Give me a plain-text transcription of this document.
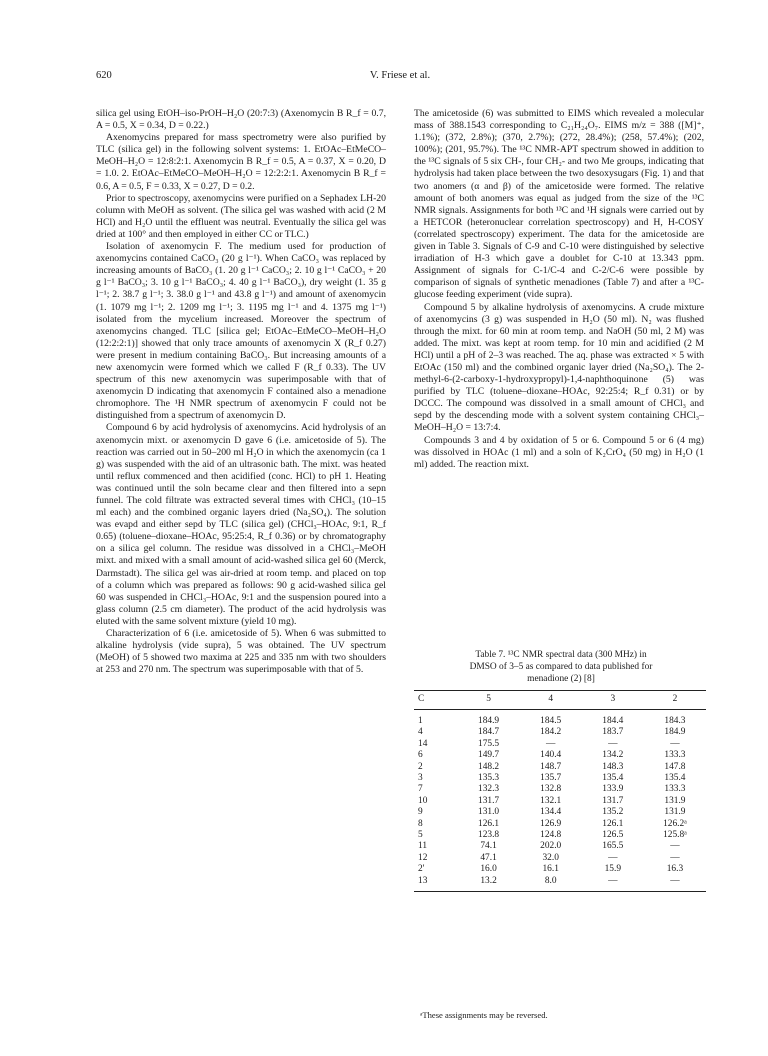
620	V. Friese et al.

silica gel using EtOH–iso-PrOH–H₂O (20:7:3) (Axenomycin B R_f = 0.7, A = 0.5, X = 0.34, D = 0.22.)

Axenomycins prepared for mass spectrometry were also purified by TLC (silica gel) in the following solvent systems: 1. EtOAc–EtMeCO–MeOH–H₂O = 12:8:2:1. Axenomycin B R_f = 0.5, A = 0.37, X = 0.20, D = 1.0. 2. EtOAc–EtMeCO–MeOH–H₂O = 12:2:2:1. Axenomycin B R_f = 0.6, A = 0.5, F = 0.33, X = 0.27, D = 0.2.

Prior to spectroscopy, axenomycins were purified on a Sephadex LH-20 column with MeOH as solvent. (The silica gel was washed with acid (2 M HCl) and H₂O until the effluent was neutral. Eventually the silica gel was dried at 100° and then employed in either CC or TLC.)

Isolation of axenomycin F. The medium used for production of axenomycins contained CaCO₃ (20 g l⁻¹). When CaCO₃ was replaced by increasing amounts of BaCO₃ (1. 20 g l⁻¹ CaCO₃; 2. 10 g l⁻¹ CaCO₃ + 20 g l⁻¹ BaCO₃; 3. 10 g l⁻¹ BaCO₃; 4. 40 g l⁻¹ BaCO₃), dry weight (1. 35 g l⁻¹; 2. 38.7 g l⁻¹; 3. 38.0 g l⁻¹ and 43.8 g l⁻¹) and amount of axenomycin (1. 1079 mg l⁻¹; 2. 1209 mg l⁻¹; 3. 1195 mg l⁻¹ and 4. 1375 mg l⁻¹) isolated from the mycelium increased. Moreover the spectrum of axenomycins changed. TLC [silica gel; EtOAc–EtMeCO–MeOH–H₂O (12:2:2:1)] showed that only trace amounts of axenomycin X (R_f 0.27) were present in medium containing BaCO₃. But increasing amounts of a new axenomycin were formed which we called F (R_f 0.33). The UV spectrum of this new axenomycin was superimposable with that of axenomycin D indicating that axenomycin F contained also a menadione chromophore. The ¹H NMR spectrum of axenomycin F could not be distinguished from a spectrum of axenomycin D.

Compound 6 by acid hydrolysis of axenomycins. Acid hydrolysis of an axenomycin mixt. or axenomycin D gave 6 (i.e. amicetoside of 5). The reaction was carried out in 50–200 ml H₂O in which the axenomycin (ca 1 g) was suspended with the aid of an ultrasonic bath. The mixt. was heated until reflux commenced and then acidified (conc. HCl) to pH 1. Heating was continued until the soln became clear and then filtered into a sepn funnel. The cold filtrate was extracted several times with CHCl₃ (10–15 ml each) and the combined organic layers dried (Na₂SO₄). The solution was evapd and either sepd by TLC (silica gel) (CHCl₃–HOAc, 9:1, R_f 0.65) (toluene–dioxane–HOAc, 95:25:4, R_f 0.36) or by chromatography on a silica gel column. The residue was dissolved in a CHCl₃–MeOH mixt. and mixed with a small amount of acid-washed silica gel 60 (Merck, Darmstadt). The silica gel was air-dried at room temp. and placed on top of a column which was prepared as follows: 90 g acid-washed silica gel 60 was suspended in CHCl₃–HOAc, 9:1 and the suspension poured into a glass column (2.5 cm diameter). The product of the acid hydrolysis was eluted with the same solvent mixture (yield 10 mg).

Characterization of 6 (i.e. amicetoside of 5). When 6 was submitted to alkaline hydrolysis (vide supra), 5 was obtained. The UV spectrum (MeOH) of 5 showed two maxima at 225 and 335 nm with two shoulders at 253 and 270 nm. The spectrum was superimposable with that of 5.

The amicetoside (6) was submitted to EIMS which revealed a molecular mass of 388.1543 corresponding to C₂₁H₂₄O₇. EIMS m/z = 388 ([M]⁺, 1.1%); (372, 2.8%); (370, 2.7%); (272, 28.4%); (258, 57.4%); (202, 100%); (201, 95.7%). The ¹³C NMR-APT spectrum showed in addition to the ¹³C signals of 5 six CH-, four CH₂- and two Me groups, indicating that hydrolysis had taken place between the two desoxysugars (Fig. 1) and that two anomers (α and β) of the amicetoside were formed. The relative amount of both anomers was equal as judged from the size of the ¹³C NMR signals. Assignments for both ¹³C and ¹H signals were carried out by a HETCOR (heteronuclear correlation spectroscopy) and H, H-COSY (correlated spectroscopy) experiment. The data for the amicetoside are given in Table 3. Signals of C-9 and C-10 were distinguished by selective irradiation of H-3 which gave a doublet for C-10 at 13.343 ppm. Assignment of signals for C-1/C-4 and C-2/C-6 were possible by comparison of signals of synthetic menadiones (Table 7) and after a ¹³C-glucose feeding experiment (vide supra).

Compound 5 by alkaline hydrolysis of axenomycins. A crude mixture of axenomycins (3 g) was suspended in H₂O (50 ml). N₂ was flushed through the mixt. for 60 min at room temp. and NaOH (50 ml, 2 M) was added. The mixt. was kept at room temp. for 10 min and acidified (2 M HCl) until a pH of 2–3 was reached. The aq. phase was extracted × 5 with EtOAc (150 ml) and the combined organic layer dried (Na₂SO₄). The 2-methyl-6-(2-carboxy-1-hydroxypropyl)-1,4-naphthoquinone (5) was purified by TLC (toluene–dioxane–HOAc, 92:25:4; R_f 0.31) or by DCCC. The compound was dissolved in a small amount of CHCl₃ and sepd by the descending mode with a solvent system containing CHCl₃–MeOH–H₂O = 13:7:4.

Compounds 3 and 4 by oxidation of 5 or 6. Compound 5 or 6 (4 mg) was dissolved in HOAc (1 ml) and a soln of K₂CrO₄ (50 mg) in H₂O (1 ml) added. The reaction mixt.

Table 7. ¹³C NMR spectral data (300 MHz) in
DMSO of 3–5 as compared to data published for
menadione (2) [8]
C	5	4	3	2
1	184.9	184.5	184.4	184.3
4	184.7	184.2	183.7	184.9
14	175.5	—	—	—
6	149.7	140.4	134.2	133.3
2	148.2	148.7	148.3	147.8
3	135.3	135.7	135.4	135.4
7	132.3	132.8	133.9	133.3
10	131.7	132.1	131.7	131.9
9	131.0	134.4	135.2	131.9
8	126.1	126.9	126.1	126.2ᵃ
5	123.8	124.8	126.5	125.8ᵃ
11	74.1	202.0	165.5	—
12	47.1	32.0	—	—
2'	16.0	16.1	15.9	16.3
13	13.2	8.0	—	—
ᵃThese assignments may be reversed.
